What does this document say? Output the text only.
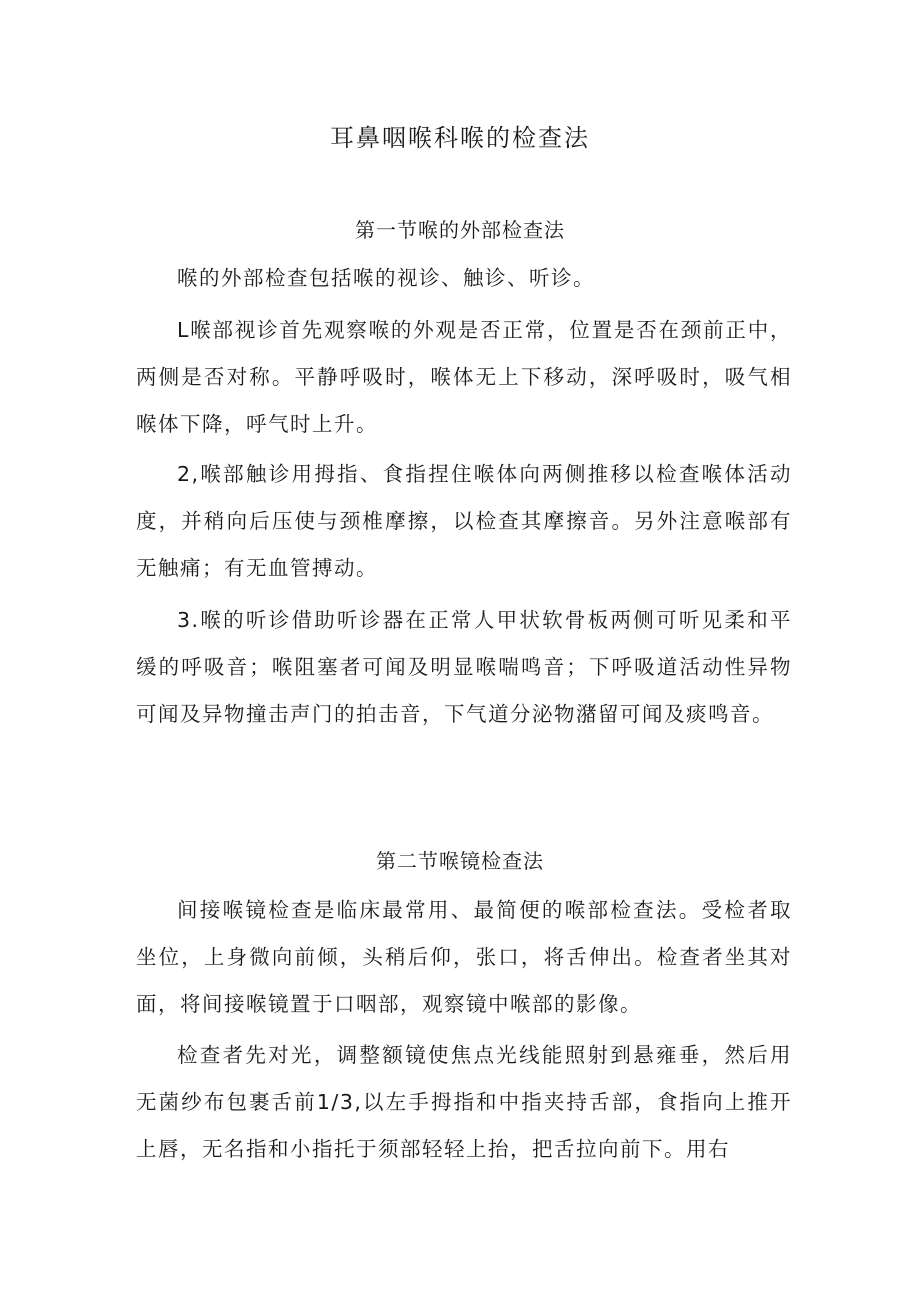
耳鼻咽喉科喉的检查法
第一节喉的外部检查法

喉的外部检查包括喉的视诊、触诊、听诊。

L喉部视诊首先观察喉的外观是否正常，位置是否在颈前正中，两侧是否对称。平静呼吸时，喉体无上下移动，深呼吸时，吸气相喉体下降，呼气时上升。

2,喉部触诊用拇指、食指捏住喉体向两侧推移以检查喉体活动度，并稍向后压使与颈椎摩擦，以检查其摩擦音。另外注意喉部有无触痛；有无血管搏动。

3.喉的听诊借助听诊器在正常人甲状软骨板两侧可听见柔和平缓的呼吸音；喉阻塞者可闻及明显喉喘鸣音；下呼吸道活动性异物可闻及异物撞击声门的拍击音，下气道分泌物潴留可闻及痰鸣音。

第二节喉镜检查法

间接喉镜检查是临床最常用、最简便的喉部检查法。受检者取坐位，上身微向前倾，头稍后仰，张口，将舌伸出。检查者坐其对面，将间接喉镜置于口咽部，观察镜中喉部的影像。

检查者先对光，调整额镜使焦点光线能照射到悬雍垂，然后用无菌纱布包裹舌前1/3,以左手拇指和中指夹持舌部，食指向上推开上唇，无名指和小指托于须部轻轻上抬，把舌拉向前下。用右
